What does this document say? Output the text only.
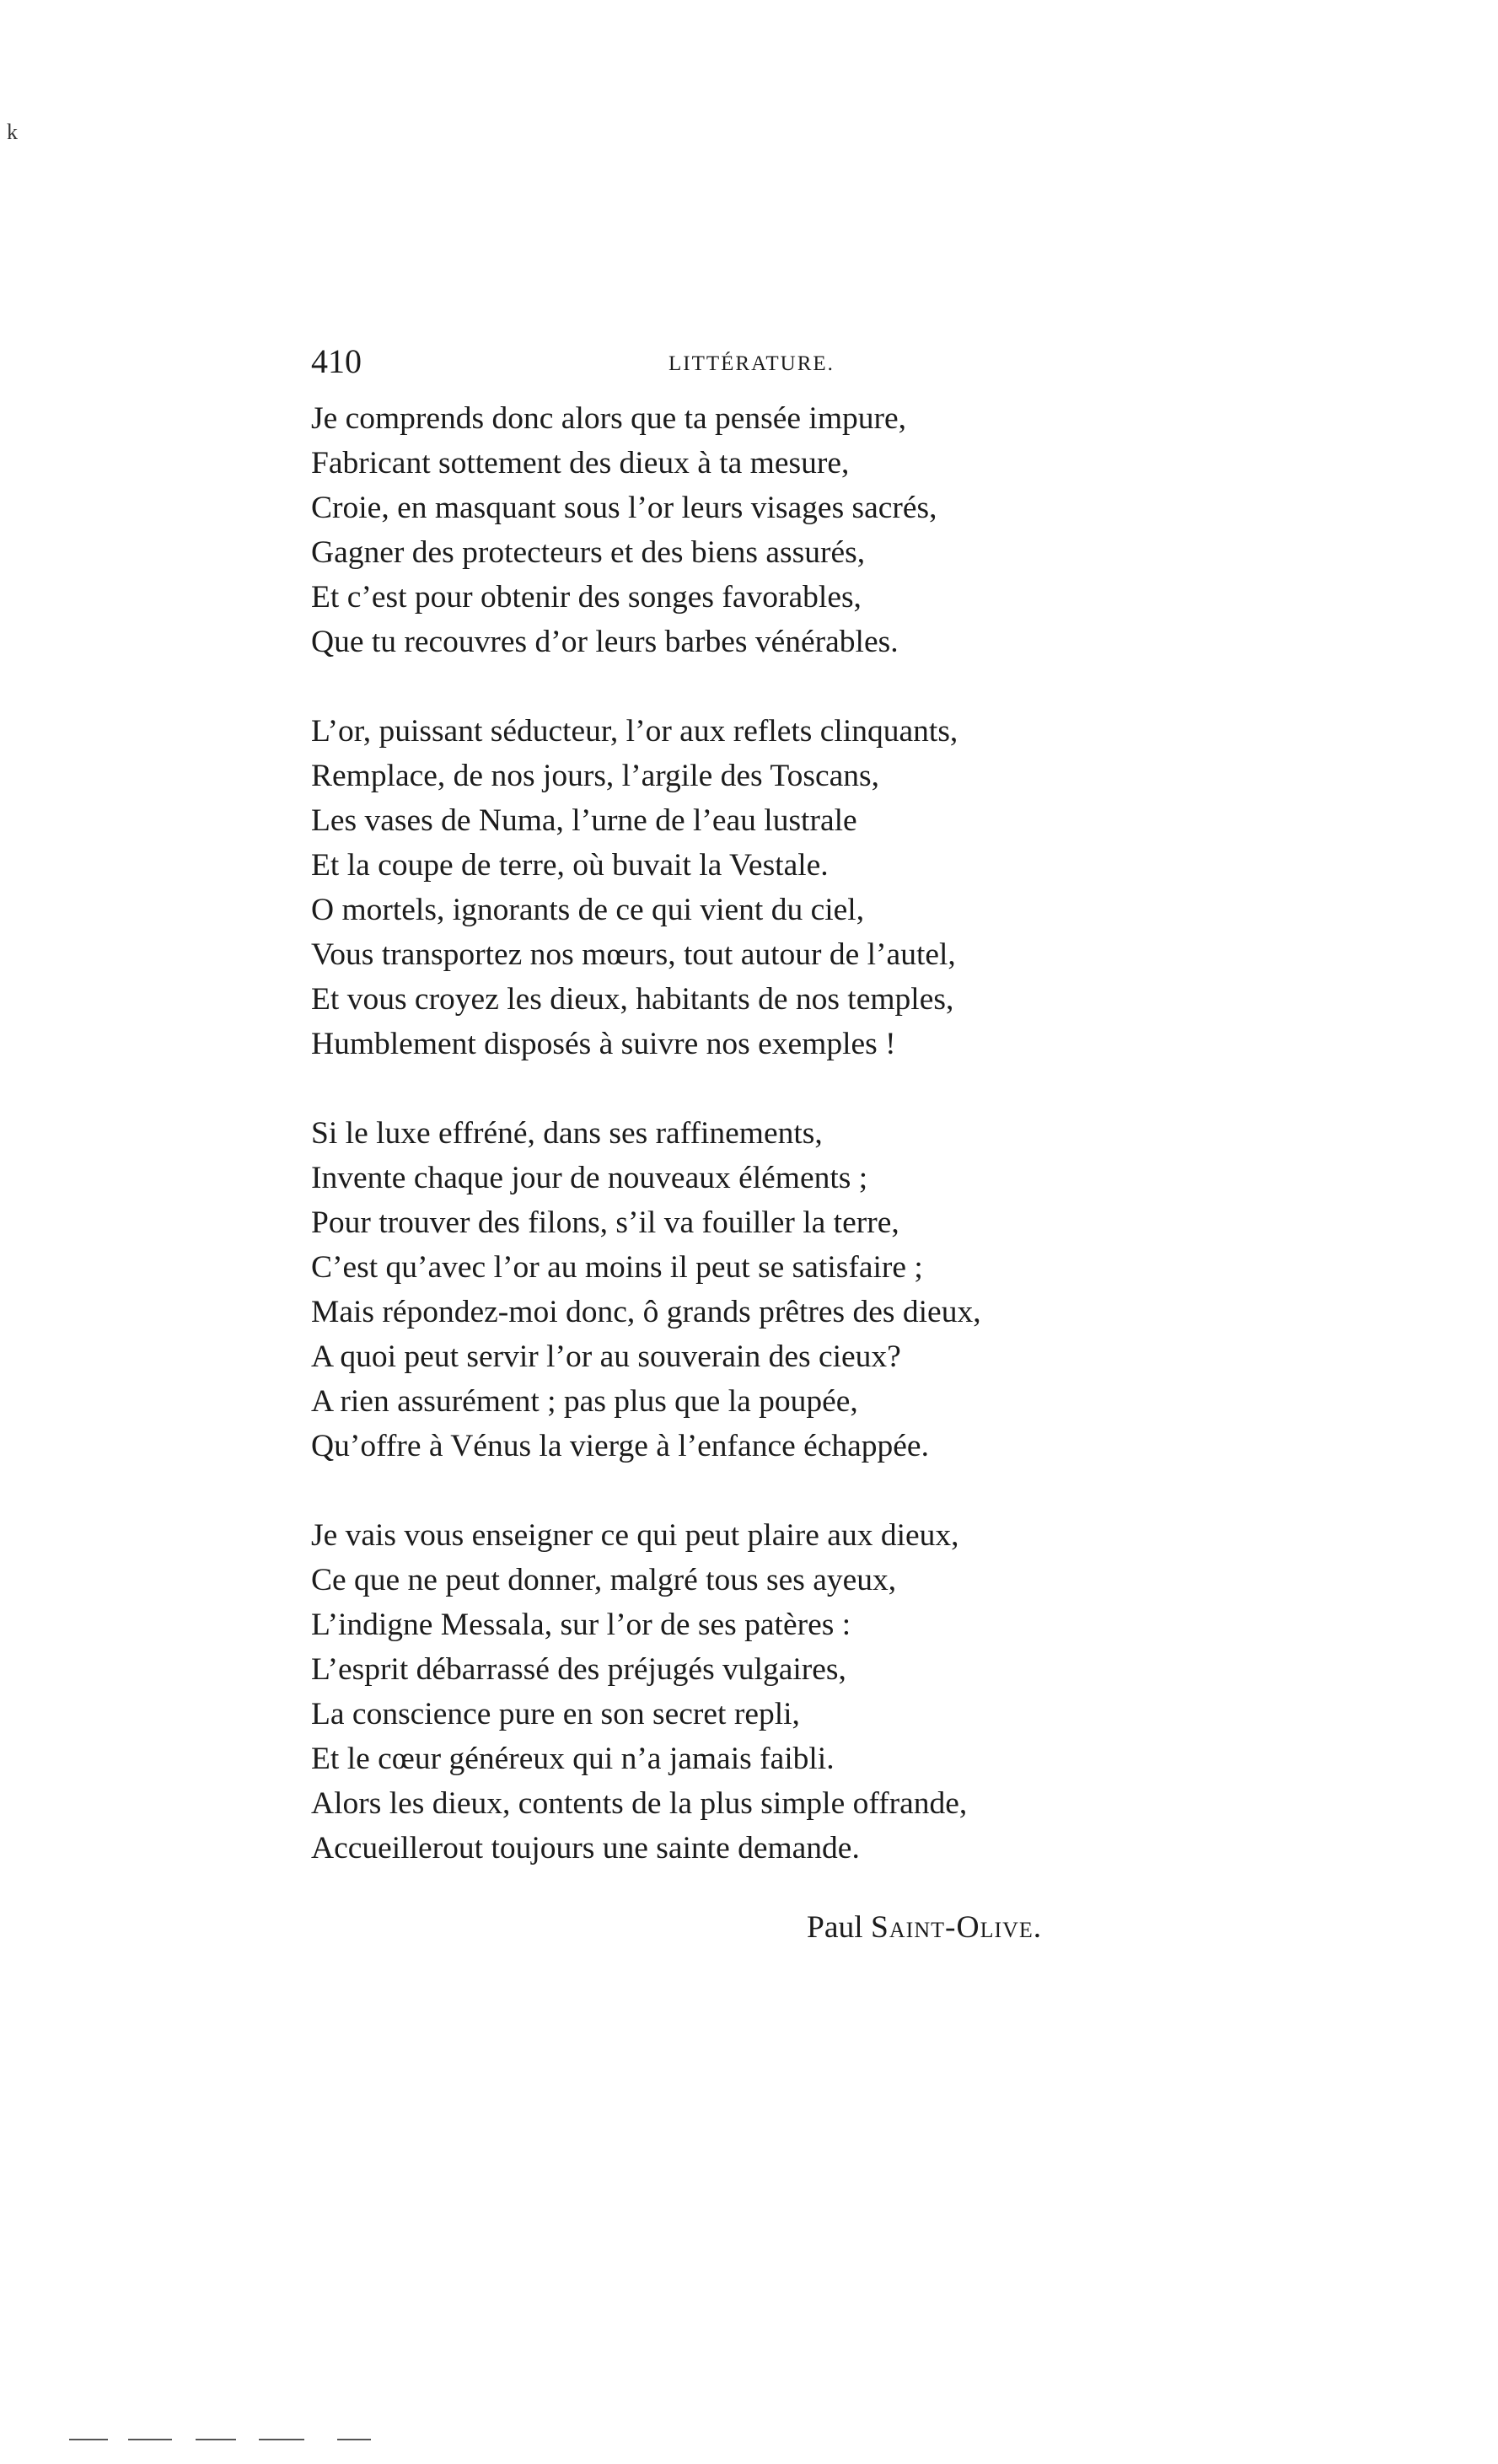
k
410	LITTÉRATURE.
Je comprends donc alors que ta pensée impure,
Fabricant sottement des dieux à ta mesure,
Croie, en masquant sous l’or leurs visages sacrés,
Gagner des protecteurs et des biens assurés,
Et c’est pour obtenir des songes favorables,
Que tu recouvres d’or leurs barbes vénérables.
L’or, puissant séducteur, l’or aux reflets clinquants,
Remplace, de nos jours, l’argile des Toscans,
Les vases de Numa, l’urne de l’eau lustrale
Et la coupe de terre, où buvait la Vestale.
O mortels, ignorants de ce qui vient du ciel,
Vous transportez nos mœurs, tout autour de l’autel,
Et vous croyez les dieux, habitants de nos temples,
Humblement disposés à suivre nos exemples !
Si le luxe effréné, dans ses raffinements,
Invente chaque jour de nouveaux éléments ;
Pour trouver des filons, s’il va fouiller la terre,
C’est qu’avec l’or au moins il peut se satisfaire ;
Mais répondez-moi donc, ô grands prêtres des dieux,
A quoi peut servir l’or au souverain des cieux?
A rien assurément ; pas plus que la poupée,
Qu’offre à Vénus la vierge à l’enfance échappée.
Je vais vous enseigner ce qui peut plaire aux dieux,
Ce que ne peut donner, malgré tous ses ayeux,
L’indigne Messala, sur l’or de ses patères :
L’esprit débarrassé des préjugés vulgaires,
La conscience pure en son secret repli,
Et le cœur généreux qui n’a jamais faibli.
Alors les dieux, contents de la plus simple offrande,
Accueillerout toujours une sainte demande.
Paul Saint-Olive.
